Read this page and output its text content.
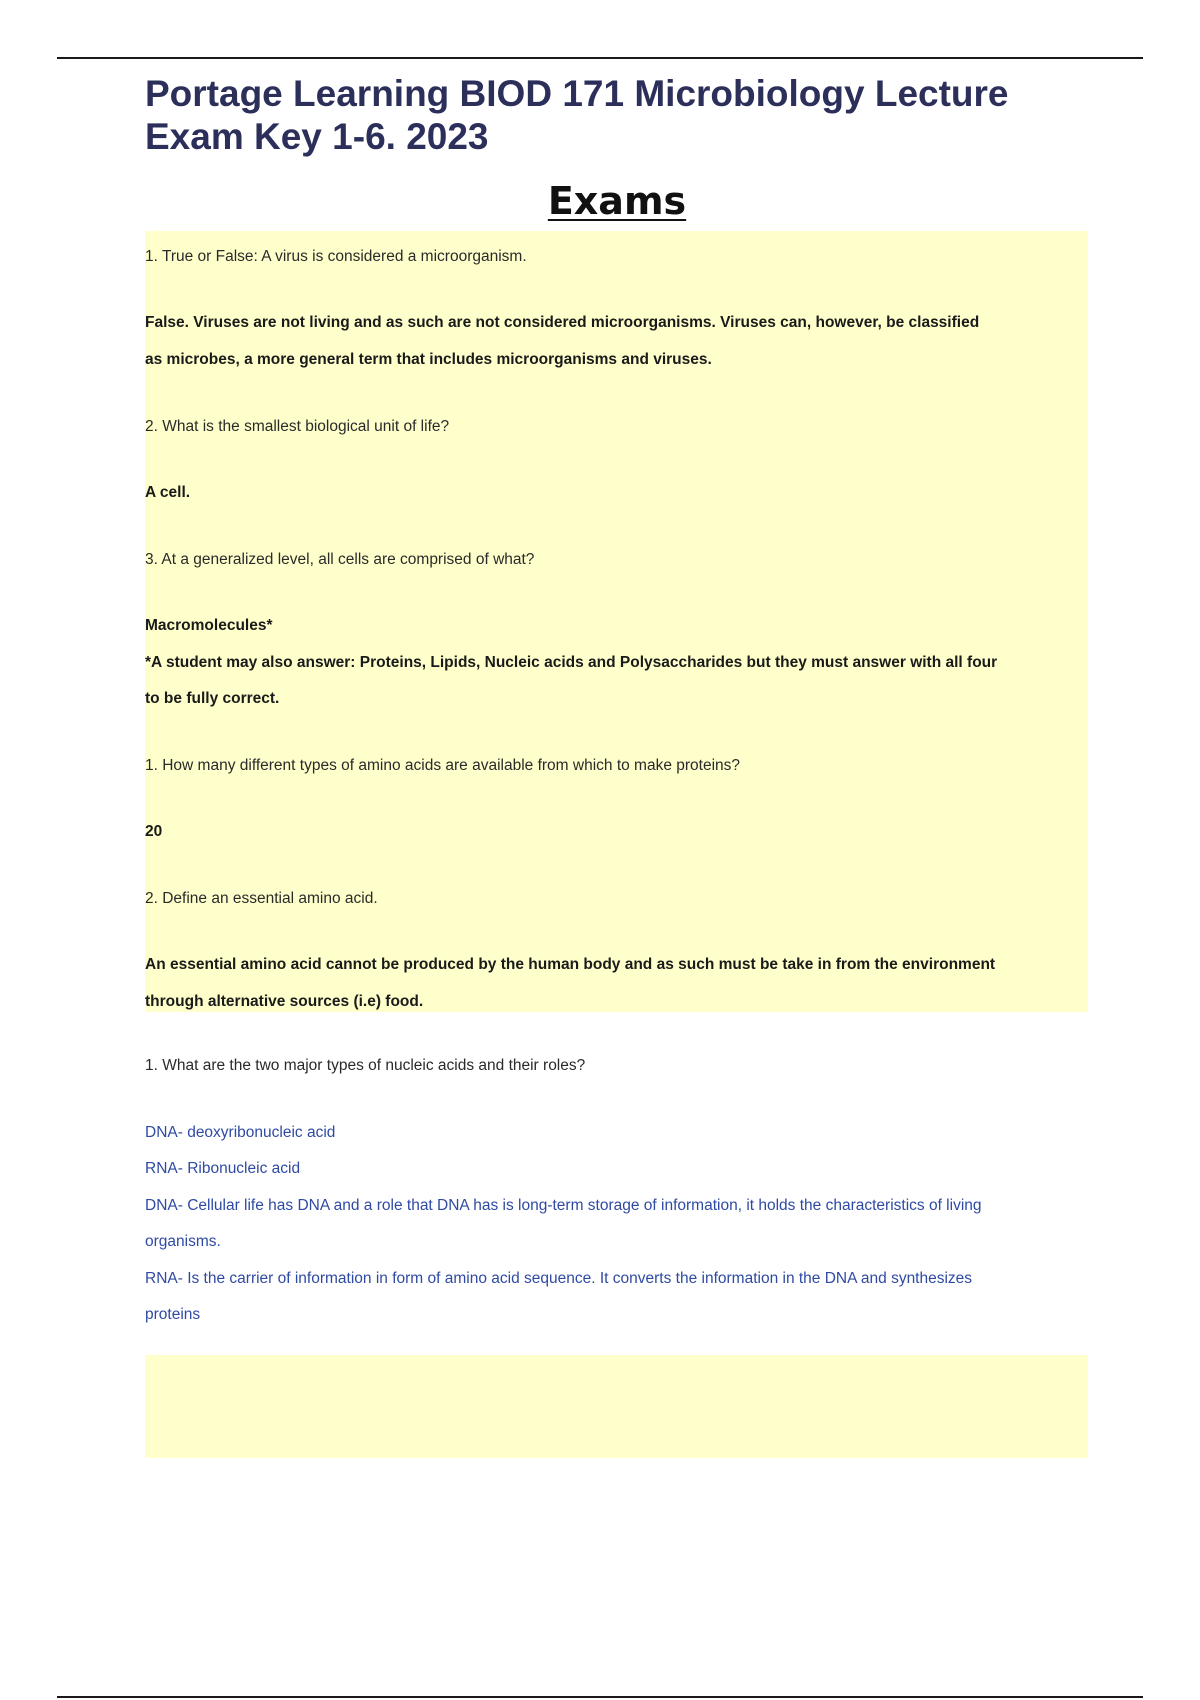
Portage Learning BIOD 171 Microbiology Lecture
Exam Key 1-6. 2023
Exams
1. True or False: A virus is considered a microorganism.
False. Viruses are not living and as such are not considered microorganisms. Viruses can, however, be classified
as microbes, a more general term that includes microorganisms and viruses.
2. What is the smallest biological unit of life?
A cell.
3. At a generalized level, all cells are comprised of what?
Macromolecules*
*A student may also answer: Proteins, Lipids, Nucleic acids and Polysaccharides but they must answer with all four
to be fully correct.
1. How many different types of amino acids are available from which to make proteins?
20
2. Define an essential amino acid.
An essential amino acid cannot be produced by the human body and as such must be take in from the environment
through alternative sources (i.e) food.
1. What are the two major types of nucleic acids and their roles?
DNA- deoxyribonucleic acid
RNA- Ribonucleic acid
DNA- Cellular life has DNA and a role that DNA has is long-term storage of information, it holds the characteristics of living
organisms.
RNA- Is the carrier of information in form of amino acid sequence. It converts the information in the DNA and synthesizes
proteins
